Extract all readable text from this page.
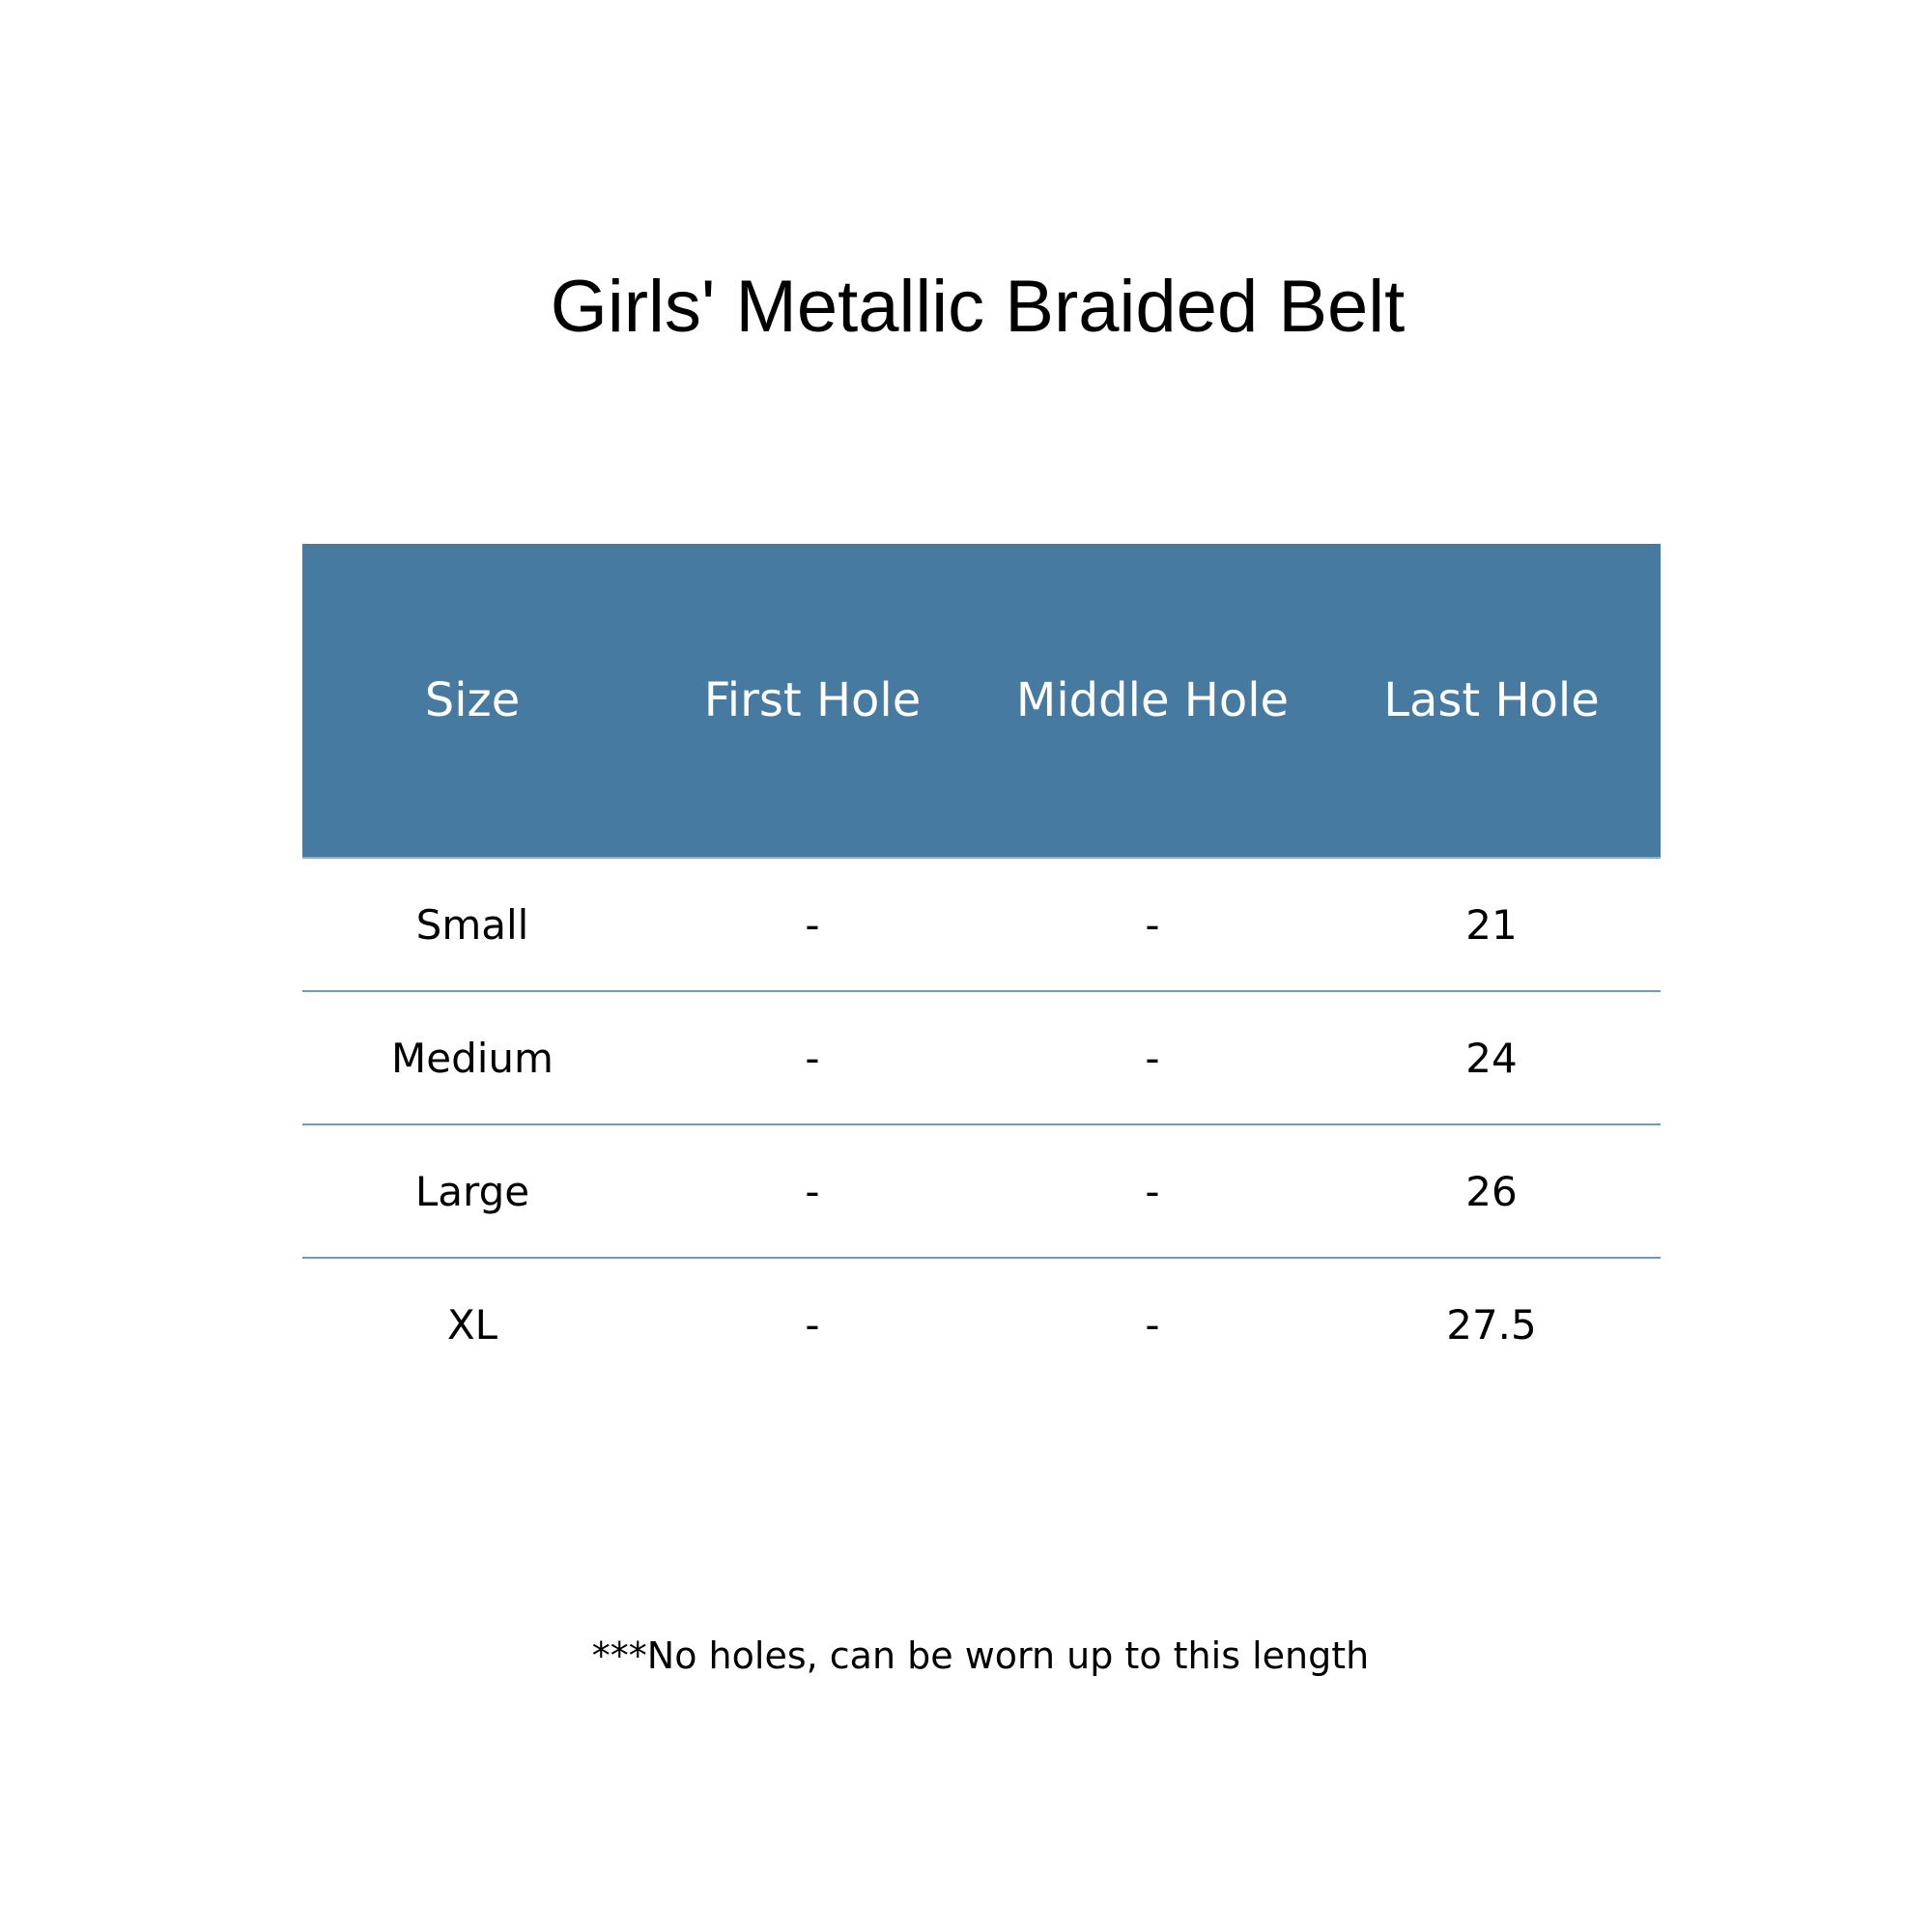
Girls' Metallic Braided Belt
Size	First Hole	Middle Hole	Last Hole
Small	-	-	21
Medium	-	-	24
Large	-	-	26
XL	-	-	27.5

***No holes, can be worn up to this length
